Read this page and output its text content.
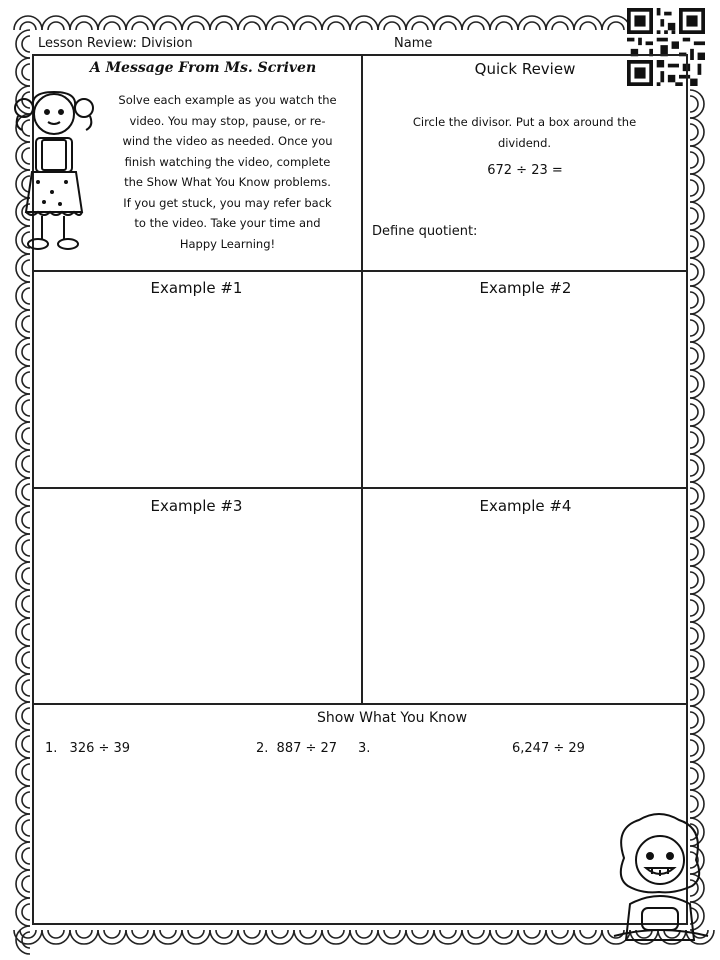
Lesson Review: Division	Name
A Message From Ms. Scriven
Solve each example as you watch the
video. You may stop, pause, or re-
wind the video as needed. Once you
finish watching the video, complete
the Show What You Know problems.
If you get stuck, you may refer back
to the video. Take your time and
Happy Learning!
Quick Review
Circle the divisor. Put a box around the
dividend.
672 ÷ 23 =
Define quotient:
Example #1	Example #2
Example #3	Example #4
Show What You Know
1. 326 ÷ 39	2. 887 ÷ 27 3.	6,247 ÷ 29
